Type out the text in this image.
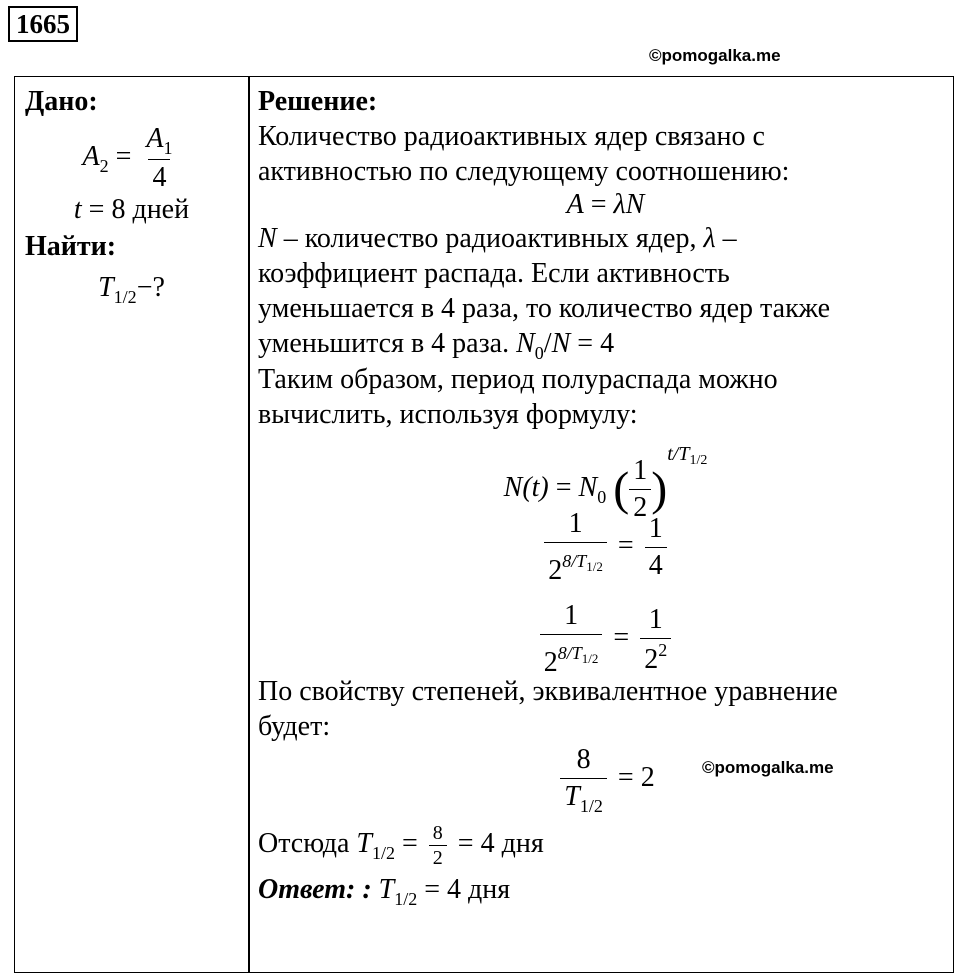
1665
©pomogalka.me
©pomogalka.me
Дано:
$A_2 = \frac{A_1}{4}$
t = 8 дней
Найти:
$T_{1/2}-$?
Решение:

Количество радиоактивных ядер связано с

активностью по следующему соотношению:

A = λN

N – количество радиоактивных ядер, λ –

коэффициент распада. Если активность

уменьшается в 4 раза, то количество ядер также

уменьшится в 4 раза. $N_0/N = 4$

Таким образом, период полураспада можно

вычислить, используя формулу:

$N(t) = N_0$ ( $\frac{1}{2} )^{t/T_{1/2}}$
$\frac{1}{2^{8/T_{1/2}}} = \frac{1}{4}$
$\frac{1}{2^{8/T_{1/2}}} = \frac{1}{2^2}$

По свойству степеней, эквивалентное уравнение

будет:

$\frac{8}{T_{1/2}} = 2$

Отсюда $T_{1/2} = \frac{8}{2} = 4$ дня

Ответ: : $T_{1/2} = 4$ дня
